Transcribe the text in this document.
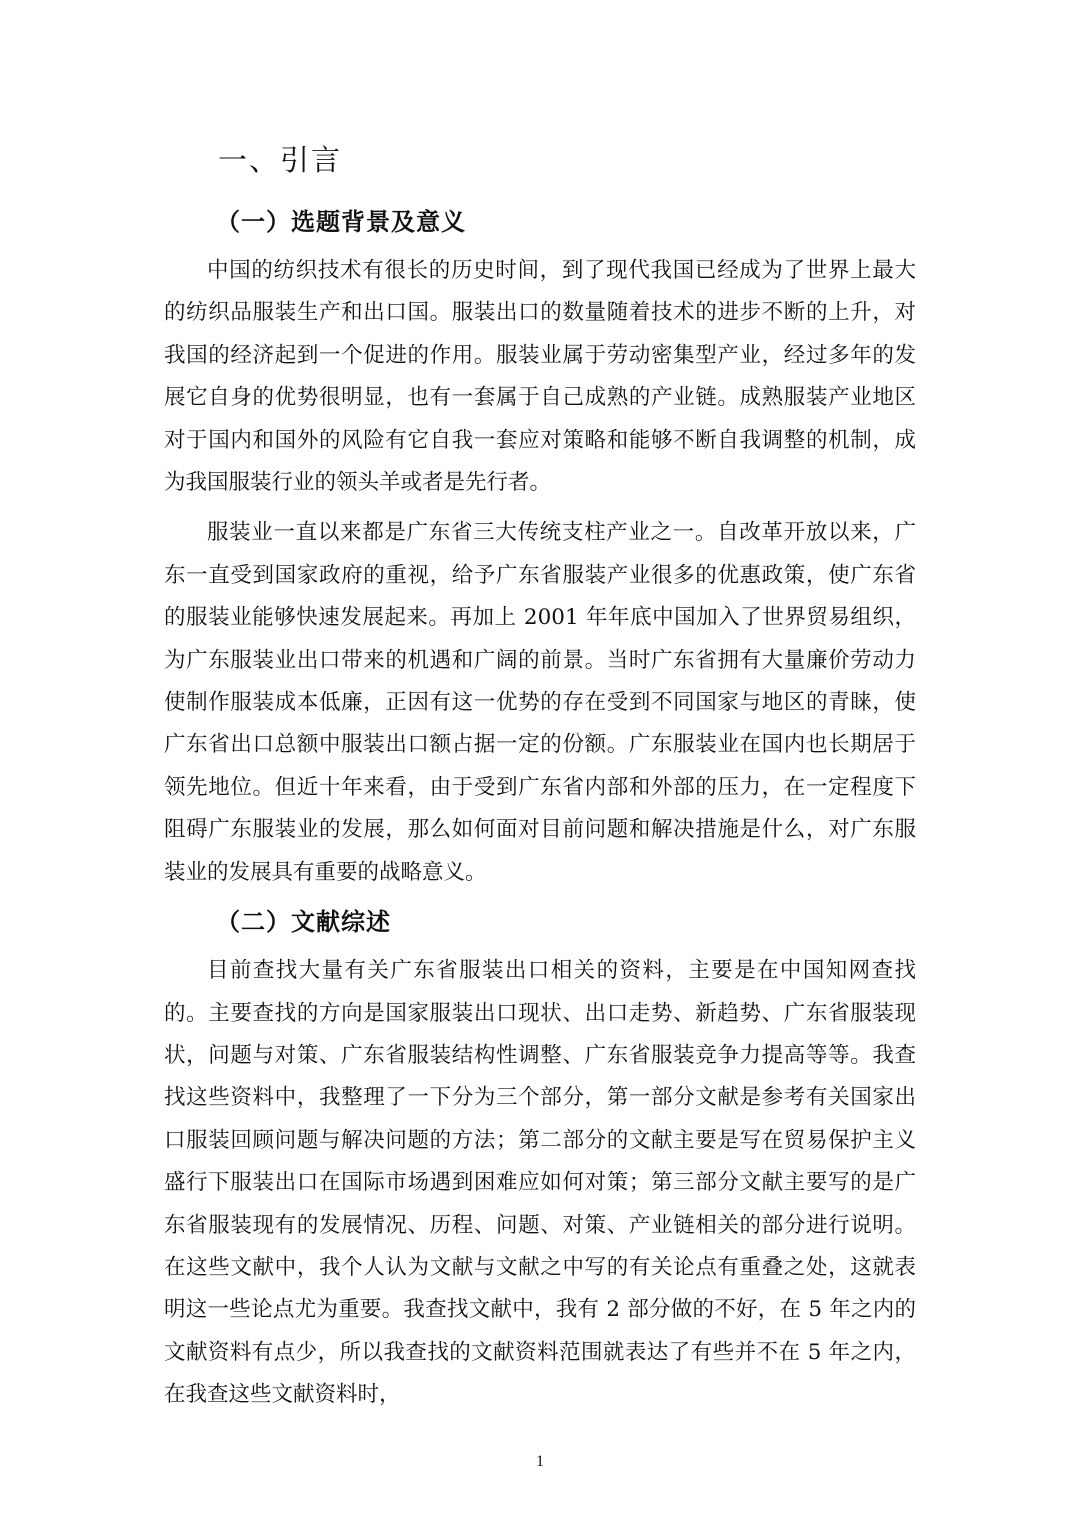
一、引言
（一）选题背景及意义

中国的纺织技术有很长的历史时间，到了现代我国已经成为了世界上最大的纺织品服装生产和出口国。服装出口的数量随着技术的进步不断的上升，对我国的经济起到一个促进的作用。服装业属于劳动密集型产业，经过多年的发展它自身的优势很明显，也有一套属于自己成熟的产业链。成熟服装产业地区对于国内和国外的风险有它自我一套应对策略和能够不断自我调整的机制，成为我国服装行业的领头羊或者是先行者。

服装业一直以来都是广东省三大传统支柱产业之一。自改革开放以来，广东一直受到国家政府的重视，给予广东省服装产业很多的优惠政策，使广东省的服装业能够快速发展起来。再加上 2001 年年底中国加入了世界贸易组织，为广东服装业出口带来的机遇和广阔的前景。当时广东省拥有大量廉价劳动力使制作服装成本低廉，正因有这一优势的存在受到不同国家与地区的青睐，使广东省出口总额中服装出口额占据一定的份额。广东服装业在国内也长期居于领先地位。但近十年来看，由于受到广东省内部和外部的压力，在一定程度下阻碍广东服装业的发展，那么如何面对目前问题和解决措施是什么，对广东服装业的发展具有重要的战略意义。

（二）文献综述

目前查找大量有关广东省服装出口相关的资料，主要是在中国知网查找的。主要查找的方向是国家服装出口现状、出口走势、新趋势、广东省服装现状，问题与对策、广东省服装结构性调整、广东省服装竞争力提高等等。我查找这些资料中，我整理了一下分为三个部分，第一部分文献是参考有关国家出口服装回顾问题与解决问题的方法；第二部分的文献主要是写在贸易保护主义盛行下服装出口在国际市场遇到困难应如何对策；第三部分文献主要写的是广东省服装现有的发展情况、历程、问题、对策、产业链相关的部分进行说明。在这些文献中，我个人认为文献与文献之中写的有关论点有重叠之处，这就表明这一些论点尤为重要。我查找文献中，我有 2 部分做的不好，在 5 年之内的文献资料有点少，所以我查找的文献资料范围就表达了有些并不在 5 年之内，在我查这些文献资料时，

1
